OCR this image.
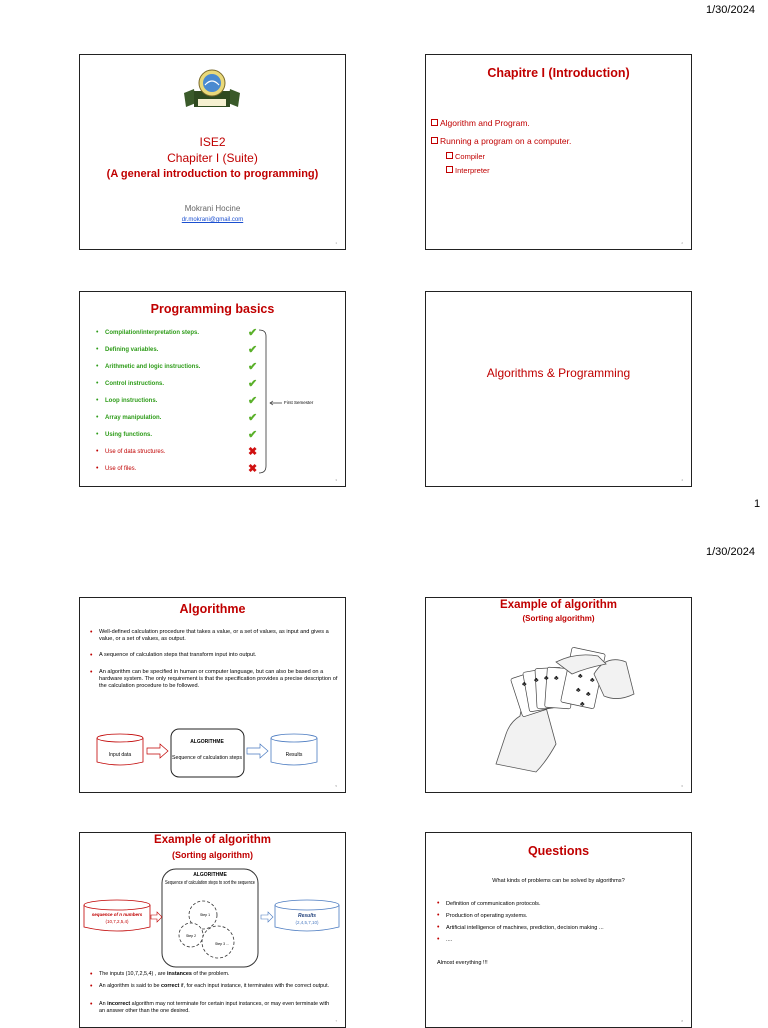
1/30/2024
ISE2
Chapiter I (Suite)
(A general introduction to programming)
Mokrani Hocine
dr.mokrani@gmail.com
1
Chapitre I (Introduction)
Algorithm and Program.
Running a program on a computer.
Compiler
Interpreter
2
Programming basics
• Compilation/interpretation steps.	✔
• Defining variables.	✔
• Arithmetic and logic instructions.	✔
• Control instructions.	✔
• Loop instructions.	✔
• Array manipulation.	✔
• Using functions.	✔
• Use of data structures.	✖
• Use of files.	✖
First Semester
3
Algorithms & Programming
4
1
1/30/2024
Algorithme
• Well-defined calculation procedure that takes a value, or a set of values, as input and gives a value, or a set of values, as output.
• A sequence of calculation steps that transform input into output.
• An algorithm can be specified in human or computer language, but can also be based on a hardware system. The only requirement is that the specification provides a precise description of the calculation procedure to be followed.
Input data
ALGORITHME
Sequence of calculation steps	Results
5
Example of algorithm
(Sorting algorithm)
♣
♣ ♣ ♣	♣
♣
♣
♣
♣
6
Example of algorithm
(Sorting algorithm)
ALGORITHME
Sequence of calculation steps to sort the sequence
Step 1
Step 2
Step 3 ...
sequence of n numbers
(10,7,2,5,4)
Results
(2,4,5,7,10)
• The inputs (10,7,2,5,4) , are instances of the problem.
• An algorithm is said to be correct if, for each input instance, it terminates with the correct output.
• An incorrect algorithm may not terminate for certain input instances, or may even terminate with an answer other than the one desired.
7
Questions
What kinds of problems can be solved by algorithms?
• Definition of communication protocols.
• Production of operating systems.
• Artificial intelligence of machines, prediction, decision making ...
• ....
Almost everything !!!
8
